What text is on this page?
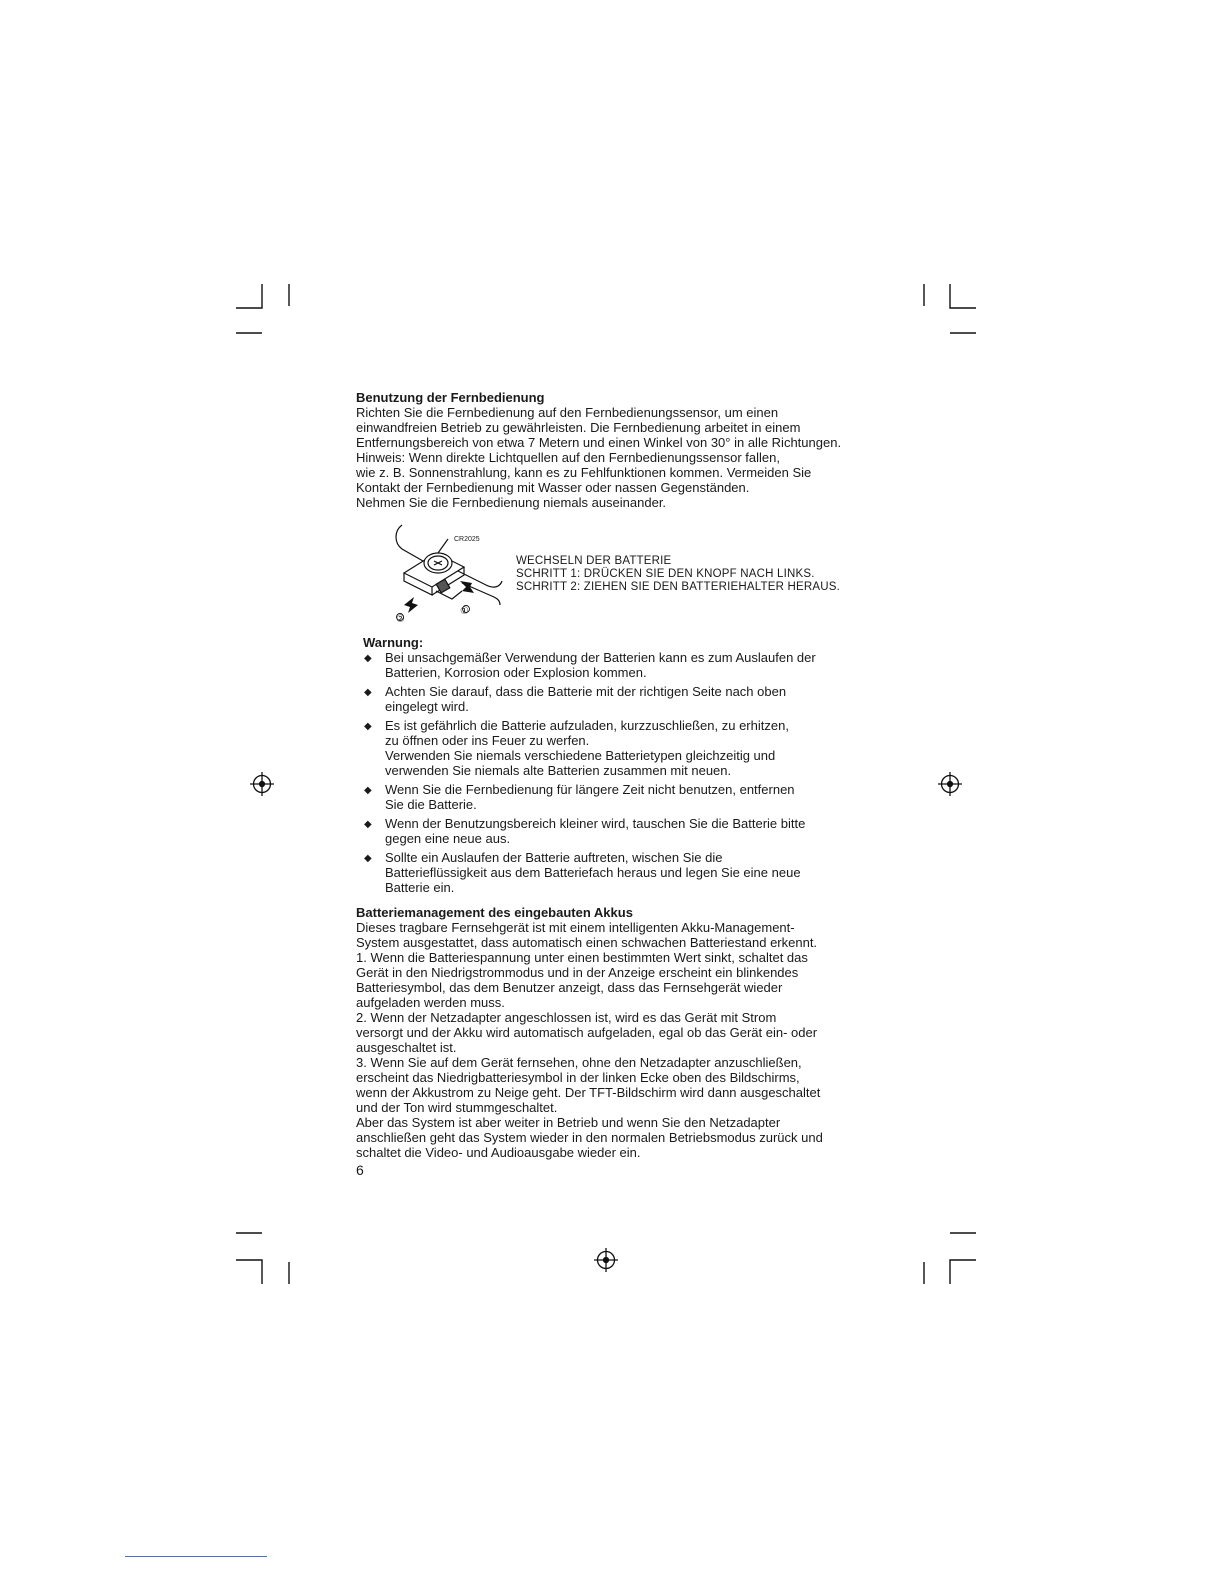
Benutzung der Fernbedienung

Richten Sie die Fernbedienung auf den Fernbedienungssensor, um einen

einwandfreien Betrieb zu gewährleisten. Die Fernbedienung arbeitet in einem

Entfernungsbereich von etwa 7 Metern und einen Winkel von 30° in alle Richtungen.

Hinweis: Wenn direkte Lichtquellen auf den Fernbedienungssensor fallen,

wie z. B. Sonnenstrahlung, kann es zu Fehlfunktionen kommen. Vermeiden Sie

Kontakt der Fernbedienung mit Wasser oder nassen Gegenständen.

Nehmen Sie die Fernbedienung niemals auseinander.

CR2025
②
①
WECHSELN DER BATTERIE
SCHRITT 1: DRÜCKEN SIE DEN KNOPF NACH LINKS.
SCHRITT 2: ZIEHEN SIE DEN BATTERIEHALTER HERAUS.

Warnung:

◆ Bei unsachgemäßer Verwendung der Batterien kann es zum Auslaufen der
Batterien, Korrosion oder Explosion kommen.
◆ Achten Sie darauf, dass die Batterie mit der richtigen Seite nach oben
eingelegt wird.
◆ Es ist gefährlich die Batterie aufzuladen, kurzzuschließen, zu erhitzen,
zu öffnen oder ins Feuer zu werfen.
Verwenden Sie niemals verschiedene Batterietypen gleichzeitig und
verwenden Sie niemals alte Batterien zusammen mit neuen.
◆ Wenn Sie die Fernbedienung für längere Zeit nicht benutzen, entfernen
Sie die Batterie.
◆ Wenn der Benutzungsbereich kleiner wird, tauschen Sie die Batterie bitte
gegen eine neue aus.
◆ Sollte ein Auslaufen der Batterie auftreten, wischen Sie die
Batterieflüssigkeit aus dem Batteriefach heraus und legen Sie eine neue
Batterie ein.

Batteriemanagement des eingebauten Akkus

Dieses tragbare Fernsehgerät ist mit einem intelligenten Akku-Management-

System ausgestattet, dass automatisch einen schwachen Batteriestand erkennt.

1. Wenn die Batteriespannung unter einen bestimmten Wert sinkt, schaltet das

Gerät in den Niedrigstrommodus und in der Anzeige erscheint ein blinkendes

Batteriesymbol, das dem Benutzer anzeigt, dass das Fernsehgerät wieder

aufgeladen werden muss.

2. Wenn der Netzadapter angeschlossen ist, wird es das Gerät mit Strom

versorgt und der Akku wird automatisch aufgeladen, egal ob das Gerät ein- oder

ausgeschaltet ist.

3. Wenn Sie auf dem Gerät fernsehen, ohne den Netzadapter anzuschließen,

erscheint das Niedrigbatteriesymbol in der linken Ecke oben des Bildschirms,

wenn der Akkustrom zu Neige geht. Der TFT-Bildschirm wird dann ausgeschaltet

und der Ton wird stummgeschaltet.

Aber das System ist aber weiter in Betrieb und wenn Sie den Netzadapter

anschließen geht das System wieder in den normalen Betriebsmodus zurück und

schaltet die Video- und Audioausgabe wieder ein.

6
